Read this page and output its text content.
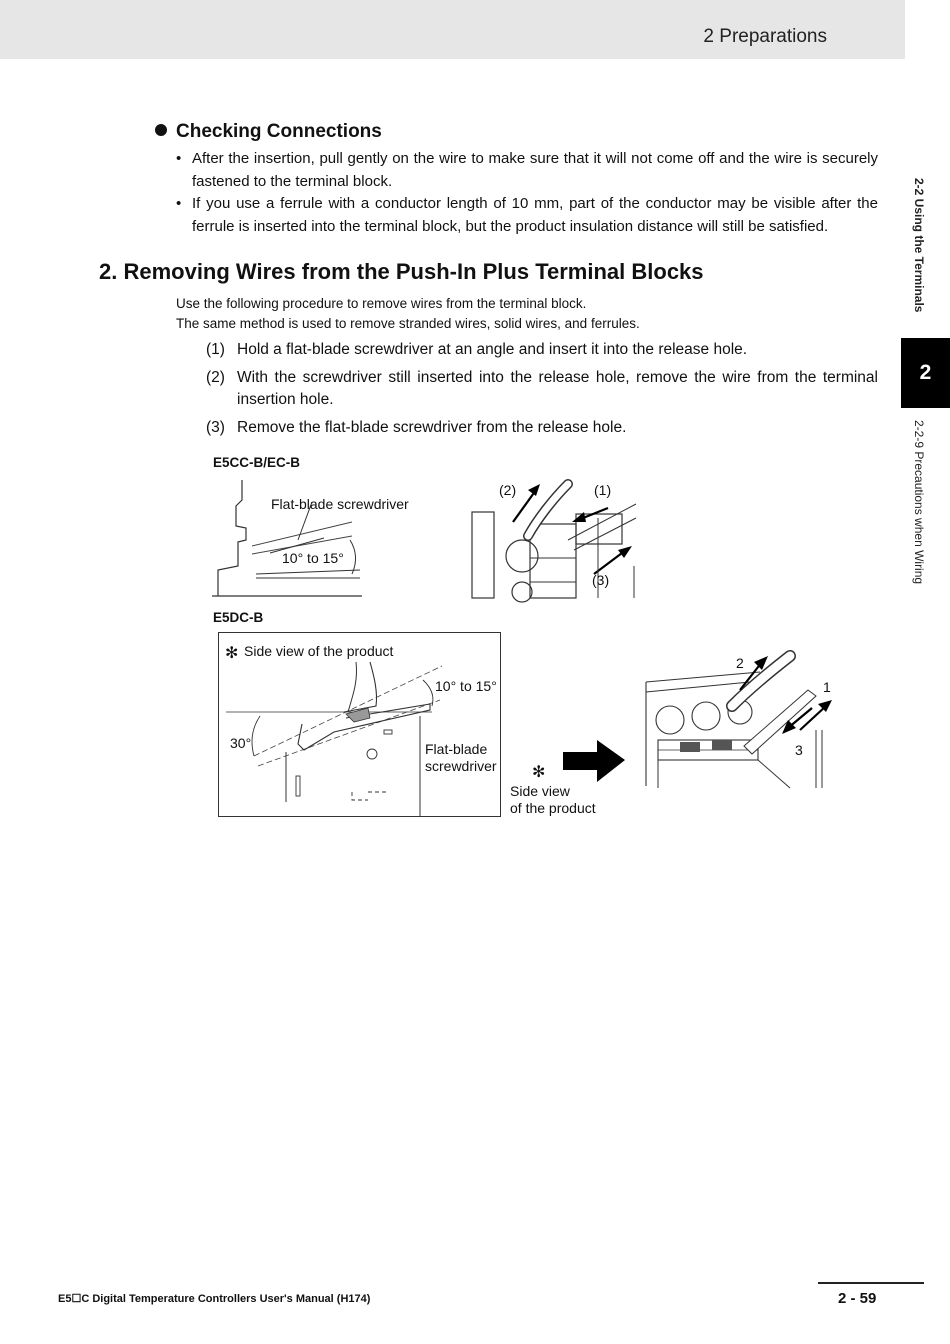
2 Preparations
2-2 Using the Terminals
2
2-2-9 Precautions when Wiring
Checking Connections
• After the insertion, pull gently on the wire to make sure that it will not come off and the wire is securely fastened to the terminal block.
• If you use a ferrule with a conductor length of 10 mm, part of the conductor may be visible after the ferrule is inserted into the terminal block, but the product insulation distance will still be satisfied.
2. Removing Wires from the Push-In Plus Terminal Blocks
Use the following procedure to remove wires from the terminal block.
The same method is used to remove stranded wires, solid wires, and ferrules.
(1) Hold a flat-blade screwdriver at an angle and insert it into the release hole.
(2) With the screwdriver still inserted into the release hole, remove the wire from the terminal insertion hole.
(3) Remove the flat-blade screwdriver from the release hole.
E5CC-B/EC-B
Flat-blade screwdriver
10° to 15°
(2)	(1)
(3)
E5DC-B
✻ Side view of the product
10° to 15°
30°	Flat-blade
screwdriver ✻
Side view
of the product
2
1
3
E5☐C Digital Temperature Controllers User's Manual (H174)	2 - 59
